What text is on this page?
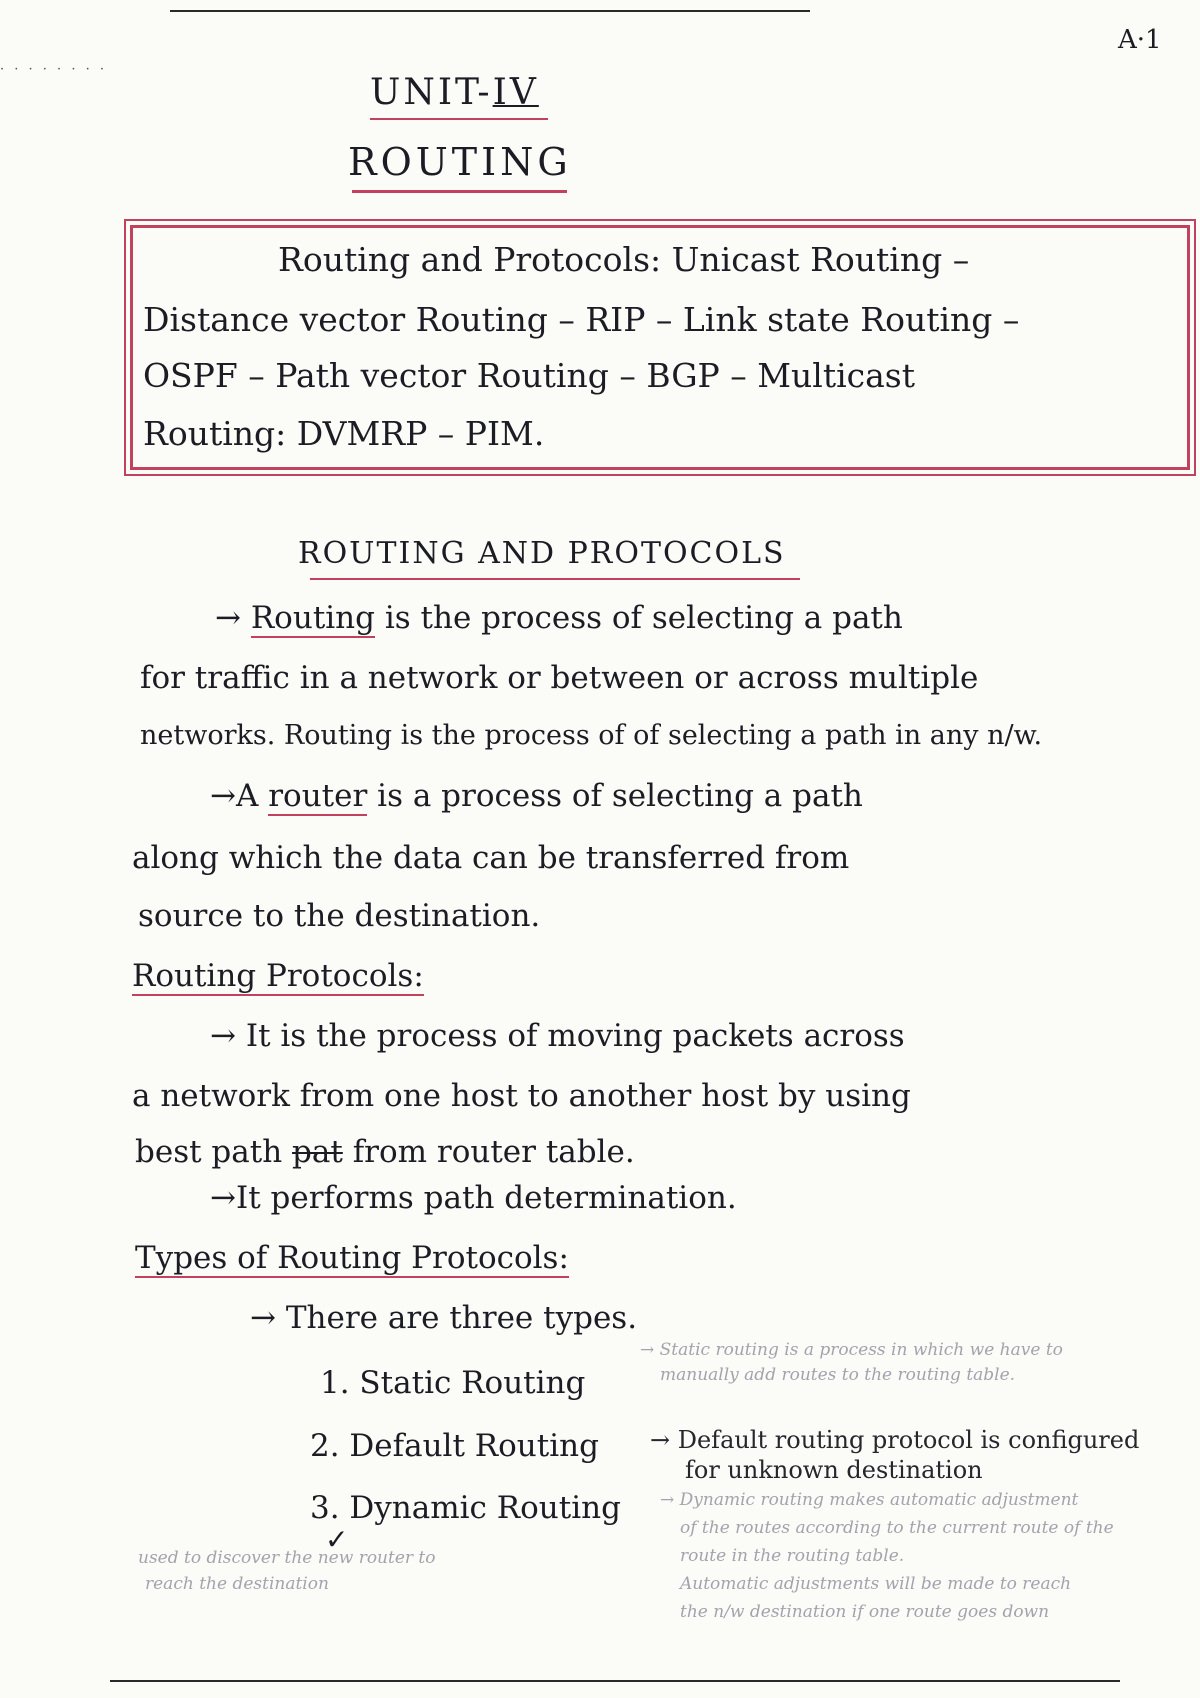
· · · · · · · ·
A·1
UNIT-IV
ROUTING
Routing and Protocols: Unicast Routing –
Distance vector Routing – RIP – Link state Routing –
OSPF – Path vector Routing – BGP – Multicast
Routing: DVMRP – PIM.
ROUTING AND PROTOCOLS
→ Routing is the process of selecting a path
for traffic in a network or between or across multiple
networks. Routing is the process of of selecting a path in any n/w.
→A router is a process of selecting a path
along which the data can be transferred from
source to the destination.
Routing Protocols:
→ It is the process of moving packets across
a network from one host to another host by using
best path pat from router table.
→It performs path determination.
Types of Routing Protocols:
→ There are three types.
1. Static Routing
→ Static routing is a process in which we have to
manually add routes to the routing table.
2. Default Routing → Default routing protocol is configured
for unknown destination
3. Dynamic Routing
✓
→ Dynamic routing makes automatic adjustment
of the routes according to the current route of the
route in the routing table.
Automatic adjustments will be made to reach
the n/w destination if one route goes down
used to discover the new router to
reach the destination
